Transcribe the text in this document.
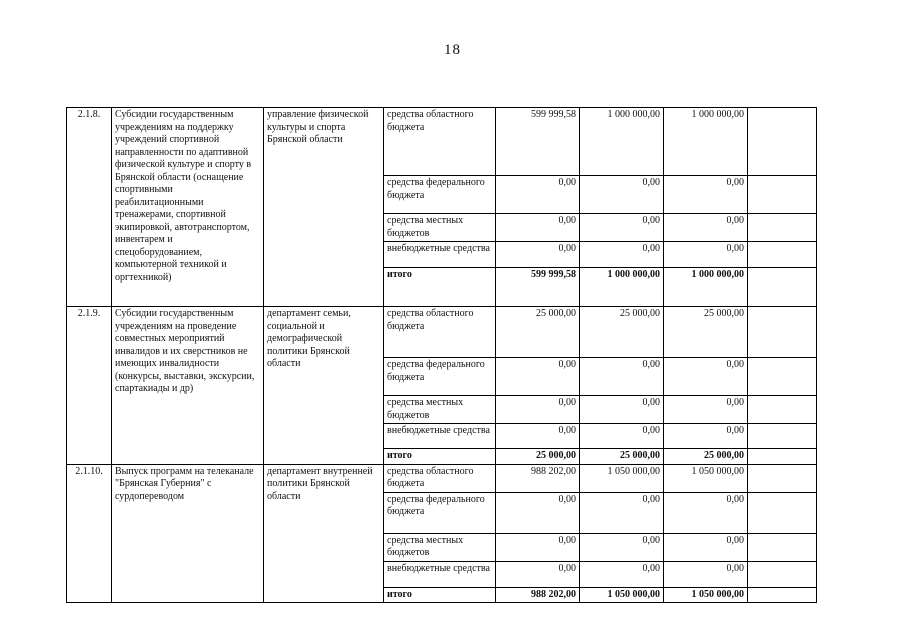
18
2.1.8.	Субсидии государственным учреждениям на поддержку учреждений спортивной направленности по адаптивной физической культуре и спорту в Брянской области (оснащение спортивными реабилитационными тренажерами, спортивной экипировкой, автотранспортом, инвентарем и спецоборудованием, компьютерной техникой и оргтехникой)	управление физической культуры и спорта Брянской области	средства областного бюджета	599 999,58	1 000 000,00	1 000 000,00	
			средства федерального бюджета	0,00	0,00	0,00	
			средства местных бюджетов	0,00	0,00	0,00	
			внебюджетные средства	0,00	0,00	0,00	
			итого	599 999,58	1 000 000,00	1 000 000,00	
2.1.9.	Субсидии государственным учреждениям на проведение совместных мероприятий инвалидов и их сверстников не имеющих инвалидности (конкурсы, выставки, экскурсии, спартакиады и др)	департамент семьи, социальной и демографической политики Брянской области	средства областного бюджета	25 000,00	25 000,00	25 000,00	
			средства федерального бюджета	0,00	0,00	0,00	
			средства местных бюджетов	0,00	0,00	0,00	
			внебюджетные средства	0,00	0,00	0,00	
			итого	25 000,00	25 000,00	25 000,00	
2.1.10.	Выпуск программ на телеканале "Брянская Губерния" с сурдопереводом	департамент внутренней политики Брянской области	средства областного бюджета	988 202,00	1 050 000,00	1 050 000,00	
			средства федерального бюджета	0,00	0,00	0,00	
			средства местных бюджетов	0,00	0,00	0,00	
			внебюджетные средства	0,00	0,00	0,00	
			итого	988 202,00	1 050 000,00	1 050 000,00	
